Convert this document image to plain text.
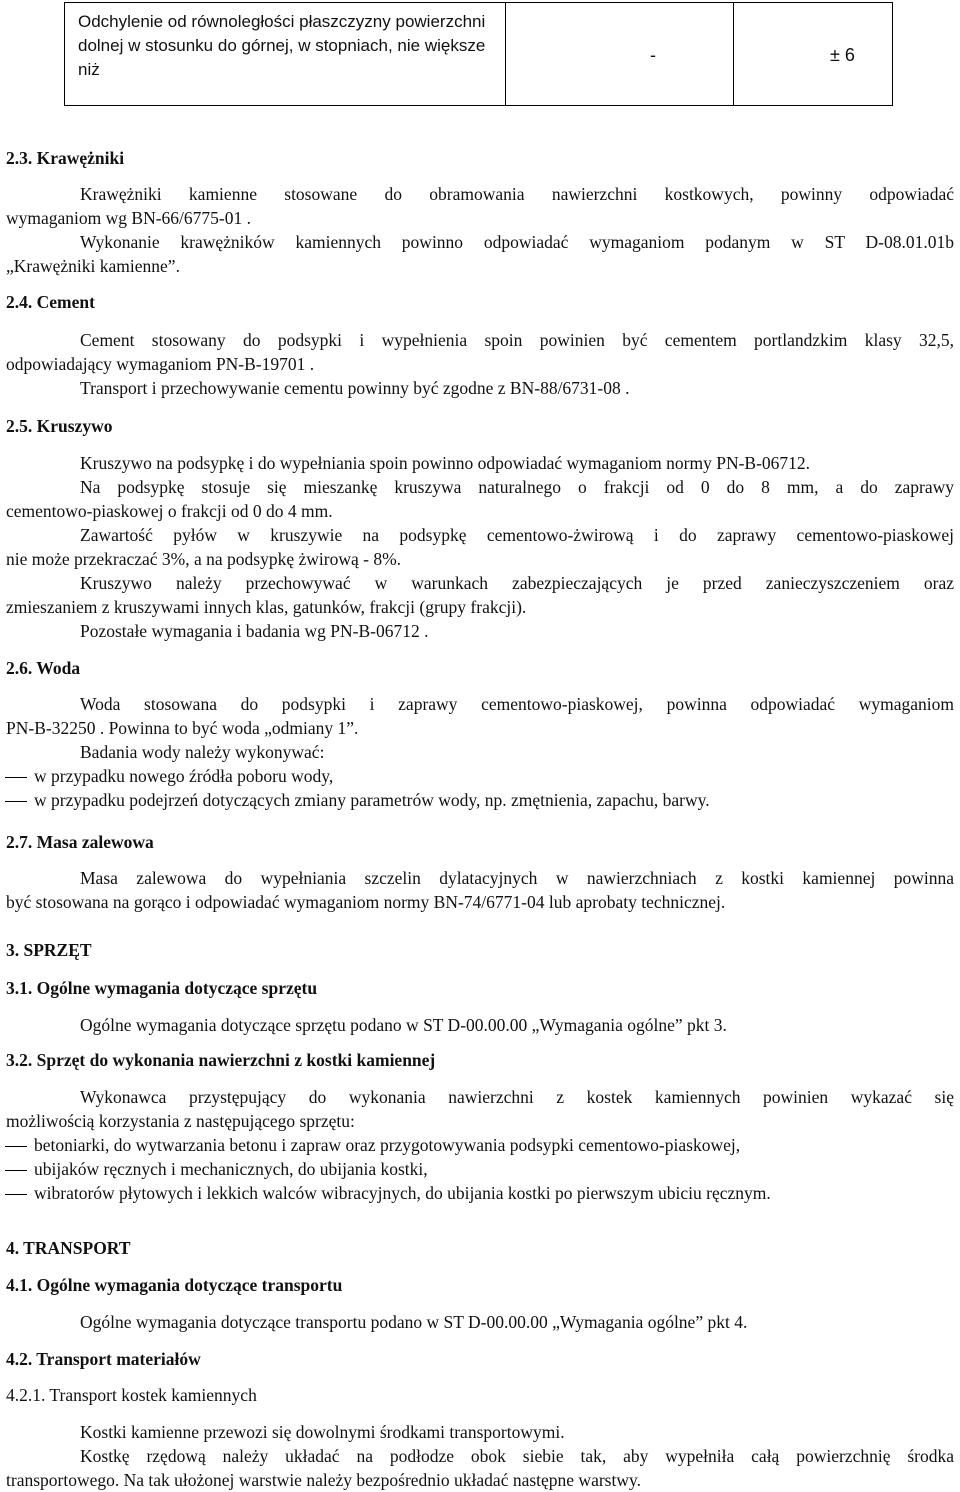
Odchylenie od równoległości płaszczyzny powierzchni dolnej w stosunku do górnej, w stopniach, nie większe niż
-	± 6
2.3. Krawężniki
Krawężniki kamienne stosowane do obramowania nawierzchni kostkowych, powinny odpowiadać
wymaganiom wg BN-66/6775-01 .
Wykonanie krawężników kamiennych powinno odpowiadać wymaganiom podanym w ST D-08.01.01b
„Krawężniki kamienne”.
2.4. Cement
Cement stosowany do podsypki i wypełnienia spoin powinien być cementem portlandzkim klasy 32,5,
odpowiadający wymaganiom PN-B-19701 .
Transport i przechowywanie cementu powinny być zgodne z BN-88/6731-08 .
2.5. Kruszywo
Kruszywo na podsypkę i do wypełniania spoin powinno odpowiadać wymaganiom normy PN-B-06712.
Na podsypkę stosuje się mieszankę kruszywa naturalnego o frakcji od 0 do 8 mm, a do zaprawy
cementowo-piaskowej o frakcji od 0 do 4 mm.
Zawartość pyłów w kruszywie na podsypkę cementowo-żwirową i do zaprawy cementowo-piaskowej
nie może przekraczać 3%, a na podsypkę żwirową - 8%.
Kruszywo należy przechowywać w warunkach zabezpieczających je przed zanieczyszczeniem oraz
zmieszaniem z kruszywami innych klas, gatunków, frakcji (grupy frakcji).
Pozostałe wymagania i badania wg PN-B-06712 .
2.6. Woda
Woda stosowana do podsypki i zaprawy cementowo-piaskowej, powinna odpowiadać wymaganiom
PN-B-32250 . Powinna to być woda „odmiany 1”.
Badania wody należy wykonywać:
w przypadku nowego źródła poboru wody,
w przypadku podejrzeń dotyczących zmiany parametrów wody, np. zmętnienia, zapachu, barwy.
2.7. Masa zalewowa
Masa zalewowa do wypełniania szczelin dylatacyjnych w nawierzchniach z kostki kamiennej powinna
być stosowana na gorąco i odpowiadać wymaganiom normy BN-74/6771-04 lub aprobaty technicznej.
3. SPRZĘT
3.1. Ogólne wymagania dotyczące sprzętu
Ogólne wymagania dotyczące sprzętu podano w ST D-00.00.00 „Wymagania ogólne” pkt 3.
3.2. Sprzęt do wykonania nawierzchni z kostki kamiennej
Wykonawca przystępujący do wykonania nawierzchni z kostek kamiennych powinien wykazać się
możliwością korzystania z następującego sprzętu:
betoniarki, do wytwarzania betonu i zapraw oraz przygotowywania podsypki cementowo-piaskowej,
ubijaków ręcznych i mechanicznych, do ubijania kostki,
wibratorów płytowych i lekkich walców wibracyjnych, do ubijania kostki po pierwszym ubiciu ręcznym.
4. TRANSPORT
4.1. Ogólne wymagania dotyczące transportu
Ogólne wymagania dotyczące transportu podano w ST D-00.00.00 „Wymagania ogólne” pkt 4.
4.2. Transport materiałów
4.2.1. Transport kostek kamiennych
Kostki kamienne przewozi się dowolnymi środkami transportowymi.
Kostkę rzędową należy układać na podłodze obok siebie tak, aby wypełniła całą powierzchnię środka
transportowego. Na tak ułożonej warstwie należy bezpośrednio układać następne warstwy.
